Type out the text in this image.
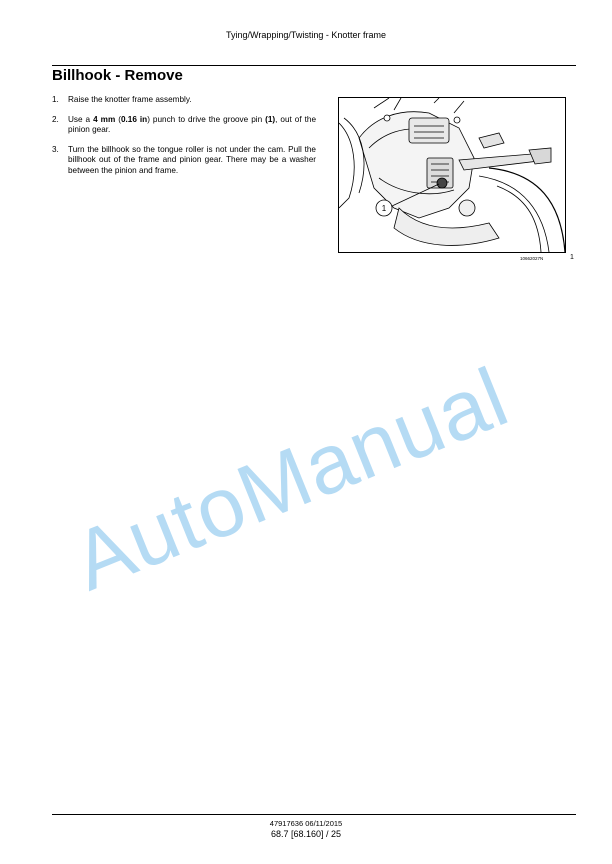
Tying/Wrapping/Twisting - Knotter frame
Billhook - Remove
1.	Raise the knotter frame assembly.
2.	Use a 4 mm (0.16 in) punch to drive the groove pin (1), out of the pinion gear.
3.	Turn the billhook so the tongue roller is not under the cam. Pull the billhook out of the frame and pinion gear. There may be a washer between the pinion and frame.
1
10662027N	1
AutoManual
47917636 06/11/2015
68.7 [68.160] / 25
